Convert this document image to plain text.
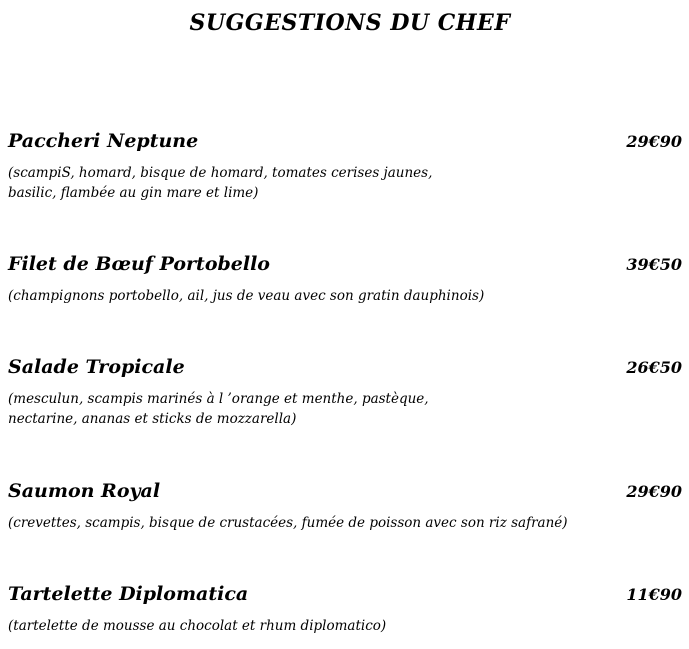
SUGGESTIONS DU CHEF
Paccheri Neptune	29€90
(scampiS, homard, bisque de homard, tomates cerises jaunes,
basilic, flambée au gin mare et lime)
Filet de Bœuf Portobello	39€50
(champignons portobello, ail, jus de veau avec son gratin dauphinois)
Salade Tropicale	26€50
(mesculun, scampis marinés à l ’orange et menthe, pastèque,
nectarine, ananas et sticks de mozzarella)
Saumon Royal	29€90
(crevettes, scampis, bisque de crustacées, fumée de poisson avec son riz safrané)
Tartelette Diplomatica	11€90
(tartelette de mousse au chocolat et rhum diplomatico)
